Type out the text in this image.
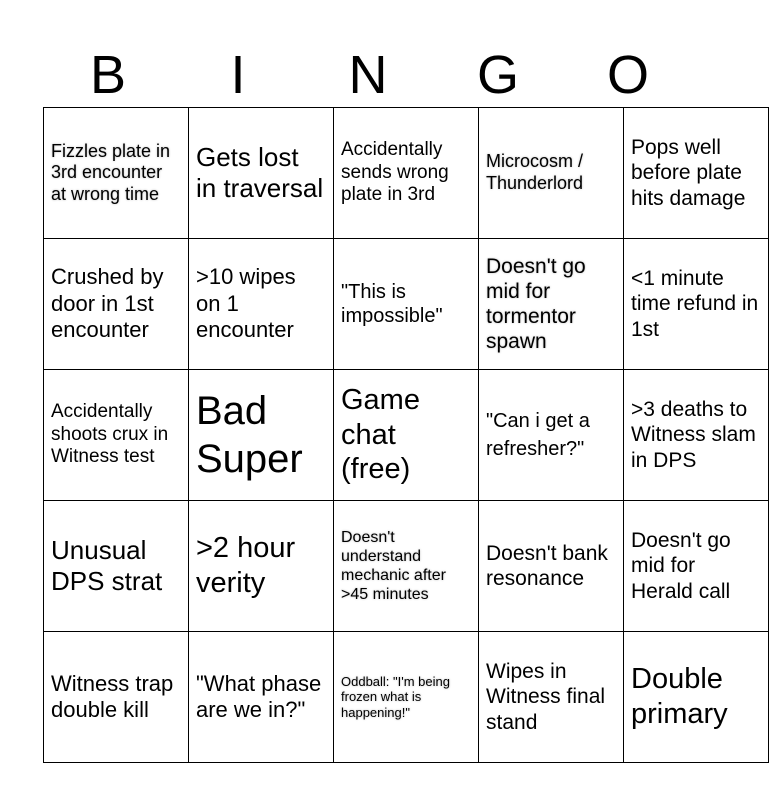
B	I	N	G	O
Fizzles plate in 3rd encounter at wrong time	Gets lost in traversal	Accidentally sends wrong plate in 3rd	Microcosm / Thunderlord	Pops well before plate hits damage
Crushed by door in 1st encounter	>10 wipes on 1 encounter	"This is impossible"	Doesn't go mid for tormentor spawn	<1 minute time refund in 1st
Accidentally shoots crux in Witness test	Bad Super	Game chat (free)	"Can i get a refresher?"	>3 deaths to Witness slam in DPS
Unusual DPS strat	>2 hour verity	Doesn't understand mechanic after >45 minutes	Doesn't bank resonance	Doesn't go mid for Herald call
Witness trap double kill	"What phase are we in?"	Oddball: "I'm being frozen what is happening!"	Wipes in Witness final stand	Double primary
